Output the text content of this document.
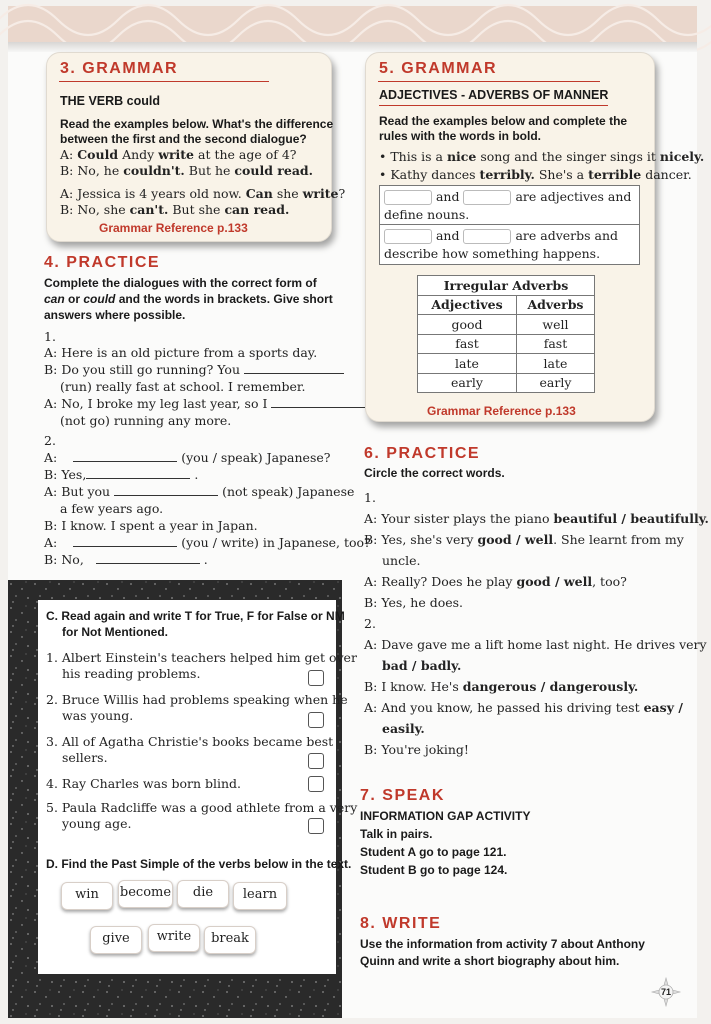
3. GRAMMAR
THE VERB could
Read the examples below. What's the difference
between the first and the second dialogue?
A: Could Andy write at the age of 4?
B: No, he couldn't. But he could read.
A: Jessica is 4 years old now. Can she write?
B: No, she can't. But she can read.
Grammar Reference p.133
4. PRACTICE
Complete the dialogues with the correct form of
can or could and the words in brackets. Give short
answers where possible.
1.
A: Here is an old picture from a sports day.
B: Do you still go running? You
(run) really fast at school. I remember.
A: No, I broke my leg last year, so I
(not go) running any more.
2.
A:	(you / speak) Japanese?
B: Yes,	.
A: But you	(not speak) Japanese
a few years ago.
B: I know. I spent a year in Japan.
A:	(you / write) in Japanese, too?
B: No,	.
5. GRAMMAR
ADJECTIVES - ADVERBS OF MANNER
Read the examples below and complete the
rules with the words in bold.
• This is a nice song and the singer sings it nicely.
• Kathy dances terribly. She's a terrible dancer.
and	are adjectives and
define nouns.
and	are adverbs and
describe how something happens.
Irregular Adverbs	
Adjectives	Adverbs
good	well
fast	fast
late	late
early	early
Grammar Reference p.133
6. PRACTICE
Circle the correct words.
1.
A: Your sister plays the piano beautiful / beautifully.
B: Yes, she's very good / well. She learnt from my
uncle.
A: Really? Does he play good / well, too?
B: Yes, he does.
2.
A: Dave gave me a lift home last night. He drives very
bad / badly.
B: I know. He's dangerous / dangerously.
A: And you know, he passed his driving test easy /
easily.
B: You're joking!
7. SPEAK
INFORMATION GAP ACTIVITY
Talk in pairs.
Student A go to page 121.
Student B go to page 124.
8. WRITE
Use the information from activity 7 about Anthony
Quinn and write a short biography about him.
C. Read again and write T for True, F for False or NM
for Not Mentioned.
1. Albert Einstein's teachers helped him get over
his reading problems.
2. Bruce Willis had problems speaking when he
was young.
3. All of Agatha Christie's books became best
sellers.
4. Ray Charles was born blind.
5. Paula Radcliffe was a good athlete from a very
young age.
D. Find the Past Simple of the verbs below in the text.
win	become	die	learn
give	write	break
71
